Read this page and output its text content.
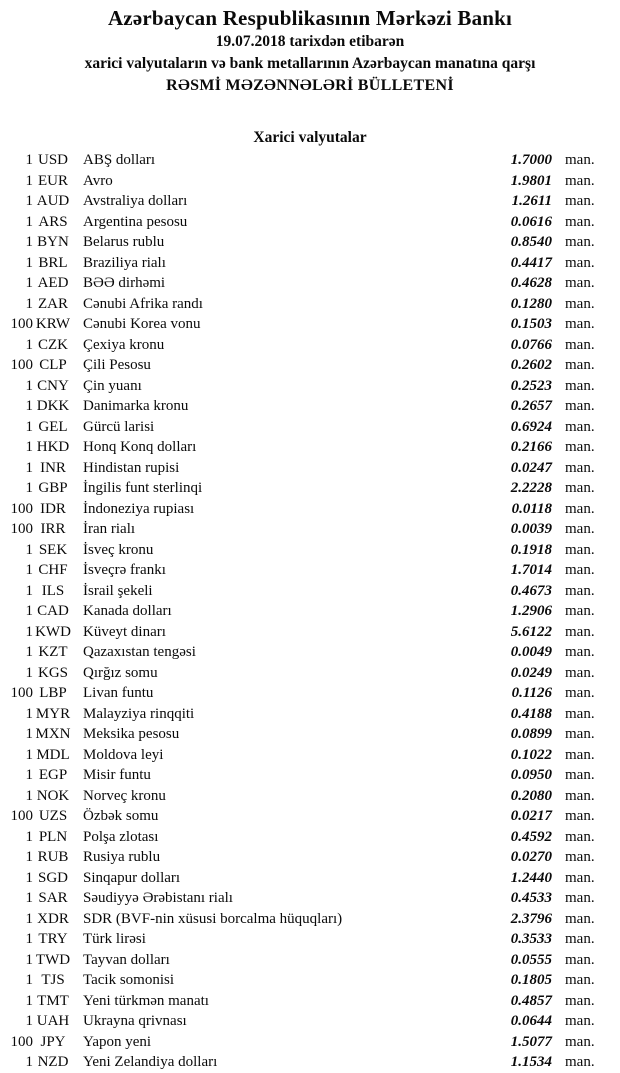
Azərbaycan Respublikasının Mərkəzi Bankı
19.07.2018 tarixdən etibarən
xarici valyutaların və bank metallarının Azərbaycan manatına qarşı
RƏSMİ MƏZƏNNƏLƏRİ BÜLLETENİ
Xarici valyutalar
1 USD	ABŞ dolları	1.7000 man.
1 EUR	Avro	1.9801 man.
1 AUD Avstraliya dolları	1.2611 man.
1 ARS	Argentina pesosu	0.0616 man.
1 BYN Belarus rublu	0.8540 man.
1 BRL	Braziliya rialı	0.4417 man.
1 AED BƏƏ dirhəmi	0.4628 man.
1 ZAR	Cənubi Afrika randı	0.1280 man.
100 KRW Cənubi Korea vonu	0.1503 man.
1 CZK	Çexiya kronu	0.0766 man.
100 CLP	Çili Pesosu	0.2602 man.
1 CNY Çin yuanı	0.2523 man.
1 DKK Danimarka kronu	0.2657 man.
1 GEL	Gürcü larisi	0.6924 man.
1 HKD Honq Konq dolları	0.2166 man.
1 INR	Hindistan rupisi	0.0247 man.
1 GBP	İngilis funt sterlinqi	2.2228 man.
100 IDR	İndoneziya rupiası	0.0118 man.
100 IRR	İran rialı	0.0039 man.
1 SEK	İsveç kronu	0.1918 man.
1 CHF	İsveçrə frankı	1.7014 man.
1 ILS	İsrail şekeli	0.4673 man.
1 CAD Kanada dolları	1.2906 man.
1 KWD Küveyt dinarı	5.6122 man.
1 KZT	Qazaxıstan tengəsi	0.0049 man.
1 KGS	Qırğız somu	0.0249 man.
100 LBP	Livan funtu	0.1126 man.
1 MYR Malayziya rinqqiti	0.4188 man.
1 MXN Meksika pesosu	0.0899 man.
1 MDL Moldova leyi	0.1022 man.
1 EGP	Misir funtu	0.0950 man.
1 NOK Norveç kronu	0.2080 man.
100 UZS	Özbək somu	0.0217 man.
1 PLN	Polşa zlotası	0.4592 man.
1 RUB Rusiya rublu	0.0270 man.
1 SGD	Sinqapur dolları	1.2440 man.
1 SAR	Səudiyyə Ərəbistanı rialı	0.4533 man.
1 XDR SDR (BVF-nin xüsusi borcalma hüquqları)	2.3796 man.
1 TRY	Türk lirəsi	0.3533 man.
1 TWD Tayvan dolları	0.0555 man.
1 TJS	Tacik somonisi	0.1805 man.
1 TMT Yeni türkmən manatı	0.4857 man.
1 UAH Ukrayna qrivnası	0.0644 man.
100 JPY	Yapon yeni	1.5077 man.
1 NZD Yeni Zelandiya dolları	1.1534 man.
